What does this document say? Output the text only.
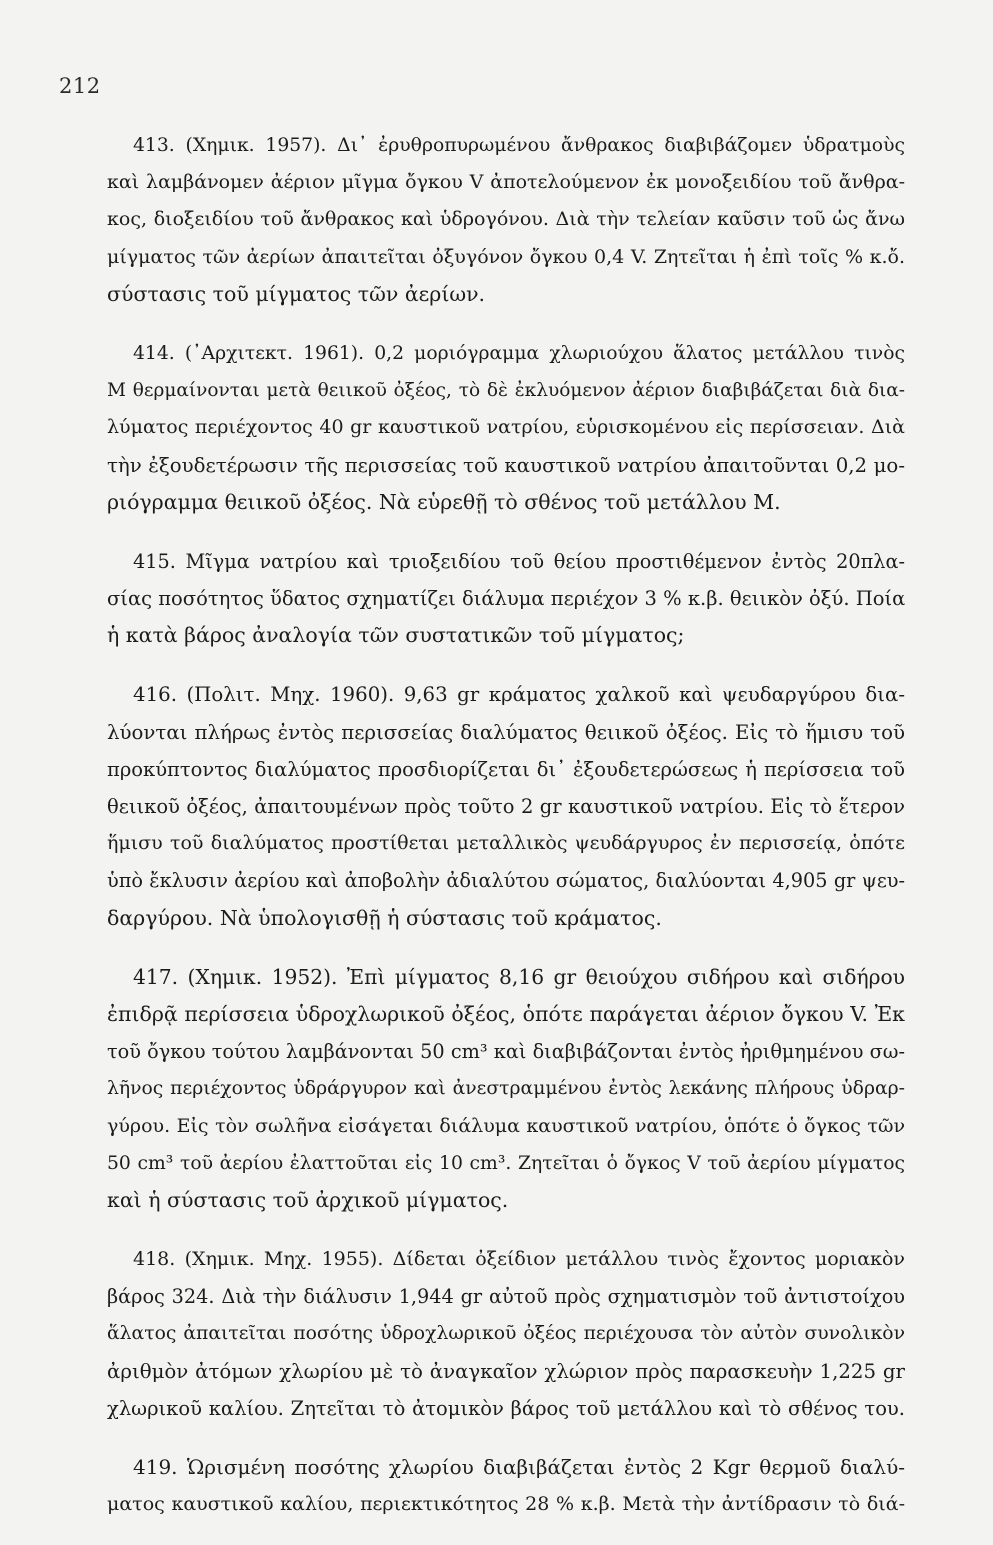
212
413. (Χημικ. 1957). Δι᾽ ἐρυθροπυρωμένου ἄνθρακος διαβιβάζομεν ὑδρατμοὺς
καὶ λαμβάνομεν ἀέριον μῖγμα ὄγκου V ἀποτελούμενον ἐκ μονοξειδίου τοῦ ἄνθρα-
κος, διοξειδίου τοῦ ἄνθρακος καὶ ὑδρογόνου. Διὰ τὴν τελείαν καῦσιν τοῦ ὡς ἄνω
μίγματος τῶν ἀερίων ἀπαιτεῖται ὀξυγόνον ὄγκου 0,4 V. Ζητεῖται ἡ ἐπὶ τοῖς % κ.ὄ.
σύστασις τοῦ μίγματος τῶν ἀερίων.
414. (᾿Αρχιτεκτ. 1961). 0,2 μοριόγραμμα χλωριούχου ἅλατος μετάλλου τινὸς
Μ θερμαίνονται μετὰ θειικοῦ ὀξέος, τὸ δὲ ἐκλυόμενον ἀέριον διαβιβάζεται διὰ δια-
λύματος περιέχοντος 40 gr καυστικοῦ νατρίου, εὑρισκομένου εἰς περίσσειαν. Διὰ
τὴν ἐξουδετέρωσιν τῆς περισσείας τοῦ καυστικοῦ νατρίου ἀπαιτοῦνται 0,2 μο-
ριόγραμμα θειικοῦ ὀξέος. Νὰ εὑρεθῇ τὸ σθένος τοῦ μετάλλου Μ.
415. Μῖγμα νατρίου καὶ τριοξειδίου τοῦ θείου προστιθέμενον ἐντὸς 20πλα-
σίας ποσότητος ὕδατος σχηματίζει διάλυμα περιέχον 3 % κ.β. θειικὸν ὀξύ. Ποία
ἡ κατὰ βάρος ἀναλογία τῶν συστατικῶν τοῦ μίγματος;
416. (Πολιτ. Μηχ. 1960). 9,63 gr κράματος χαλκοῦ καὶ ψευδαργύρου δια-
λύονται πλήρως ἐντὸς περισσείας διαλύματος θειικοῦ ὀξέος. Εἰς τὸ ἥμισυ τοῦ
προκύπτοντος διαλύματος προσδιορίζεται δι᾽ ἐξουδετερώσεως ἡ περίσσεια τοῦ
θειικοῦ ὀξέος, ἀπαιτουμένων πρὸς τοῦτο 2 gr καυστικοῦ νατρίου. Εἰς τὸ ἕτερον
ἥμισυ τοῦ διαλύματος προστίθεται μεταλλικὸς ψευδάργυρος ἐν περισσείᾳ, ὁπότε
ὑπὸ ἔκλυσιν ἀερίου καὶ ἀποβολὴν ἀδιαλύτου σώματος, διαλύονται 4,905 gr ψευ-
δαργύρου. Νὰ ὑπολογισθῇ ἡ σύστασις τοῦ κράματος.
417. (Χημικ. 1952). Ἐπὶ μίγματος 8,16 gr θειούχου σιδήρου καὶ σιδήρου
ἐπιδρᾷ περίσσεια ὑδροχλωρικοῦ ὀξέος, ὁπότε παράγεται ἀέριον ὄγκου V. Ἐκ
τοῦ ὄγκου τούτου λαμβάνονται 50 cm³ καὶ διαβιβάζονται ἐντὸς ἠριθμημένου σω-
λῆνος περιέχοντος ὑδράργυρον καὶ ἀνεστραμμένου ἐντὸς λεκάνης πλήρους ὑδραρ-
γύρου. Εἰς τὸν σωλῆνα εἰσάγεται διάλυμα καυστικοῦ νατρίου, ὁπότε ὁ ὄγκος τῶν
50 cm³ τοῦ ἀερίου ἐλαττοῦται εἰς 10 cm³. Ζητεῖται ὁ ὄγκος V τοῦ ἀερίου μίγματος
καὶ ἡ σύστασις τοῦ ἀρχικοῦ μίγματος.
418. (Χημικ. Μηχ. 1955). Δίδεται ὀξείδιον μετάλλου τινὸς ἔχοντος μοριακὸν
βάρος 324. Διὰ τὴν διάλυσιν 1,944 gr αὐτοῦ πρὸς σχηματισμὸν τοῦ ἀντιστοίχου
ἅλατος ἀπαιτεῖται ποσότης ὑδροχλωρικοῦ ὀξέος περιέχουσα τὸν αὐτὸν συνολικὸν
ἀριθμὸν ἀτόμων χλωρίου μὲ τὸ ἀναγκαῖον χλώριον πρὸς παρασκευὴν 1,225 gr
χλωρικοῦ καλίου. Ζητεῖται τὸ ἀτομικὸν βάρος τοῦ μετάλλου καὶ τὸ σθένος του.
419. Ὡρισμένη ποσότης χλωρίου διαβιβάζεται ἐντὸς 2 Kgr θερμοῦ διαλύ-
ματος καυστικοῦ καλίου, περιεκτικότητος 28 % κ.β. Μετὰ τὴν ἀντίδρασιν τὸ διά-
